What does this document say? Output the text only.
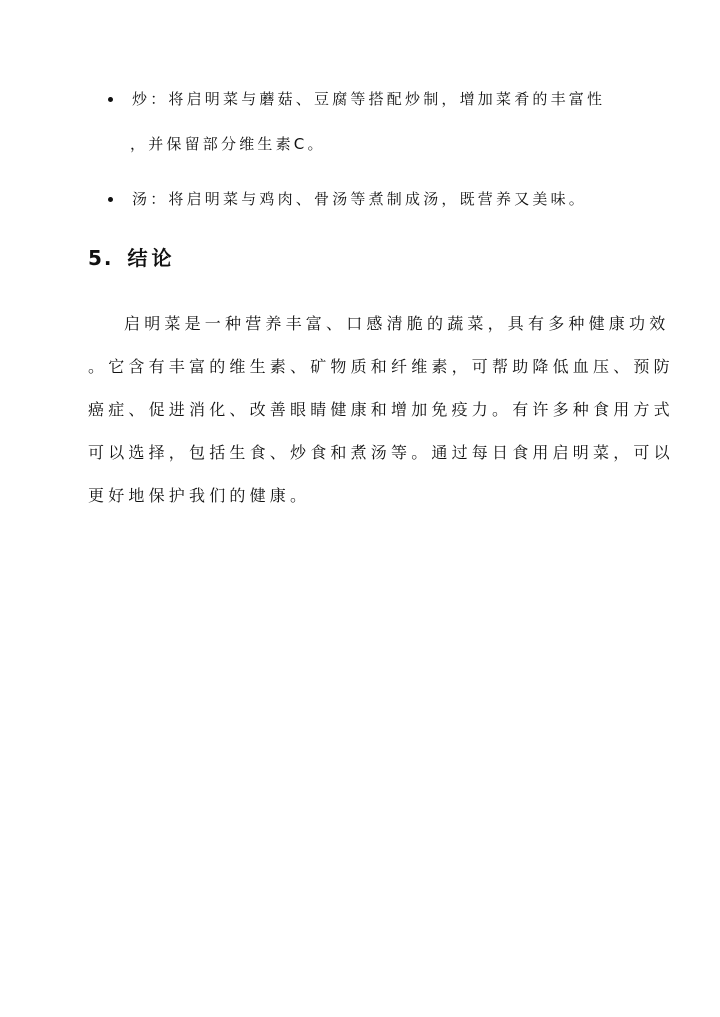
炒：将启明菜与蘑菇、豆腐等搭配炒制，增加菜肴的丰富性
，并保留部分维生素C。
汤：将启明菜与鸡肉、骨汤等煮制成汤，既营养又美味。
5. 结论
启明菜是一种营养丰富、口感清脆的蔬菜，具有多种健康功效
。它含有丰富的维生素、矿物质和纤维素，可帮助降低血压、预防
癌症、促进消化、改善眼睛健康和增加免疫力。有许多种食用方式
可以选择，包括生食、炒食和煮汤等。通过每日食用启明菜，可以
更好地保护我们的健康。
